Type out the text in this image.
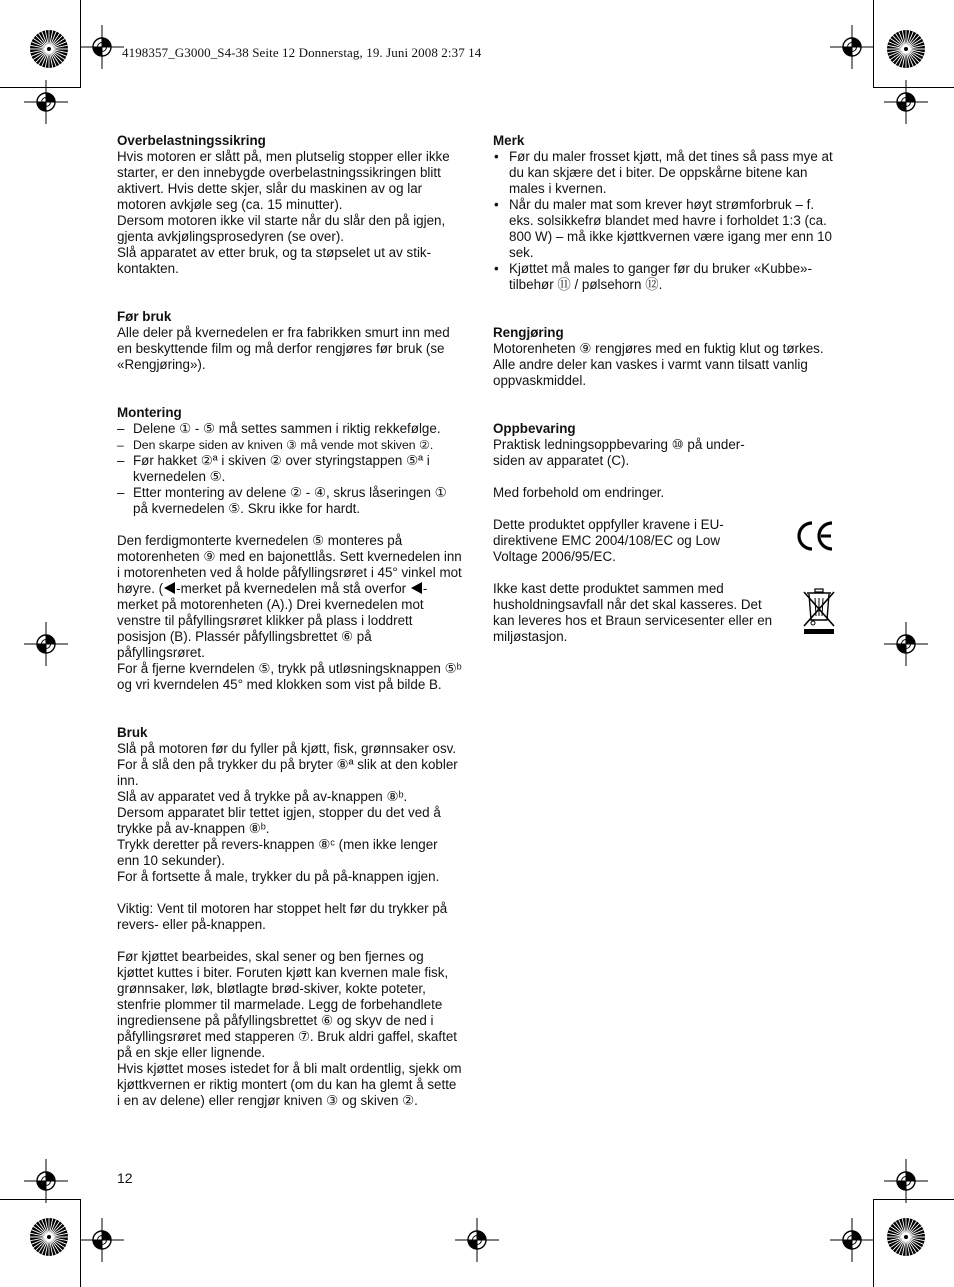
4198357_G3000_S4-38 Seite 12 Donnerstag, 19. Juni 2008 2:37 14
Overbelastningssikring
Hvis motoren er slått på, men plutselig stopper eller ikke starter, er den innebygde overbelastningssikringen blitt aktivert. Hvis dette skjer, slår du maskinen av og lar motoren avkjøle seg (ca. 15 minutter).
Dersom motoren ikke vil starte når du slår den på igjen, gjenta avkjølingsprosedyren (se over).
Slå apparatet av etter bruk, og ta støpselet ut av stik-kontakten.
Før bruk
Alle deler på kvernedelen er fra fabrikken smurt inn med en beskyttende film og må derfor rengjøres før bruk (se «Rengjøring»).
Montering
– Delene ① - ⑤ må settes sammen i riktig rekkefølge.
– Den skarpe siden av kniven ③ må vende mot skiven ②.
– Før hakket ②ª i skiven ② over styringstappen ⑤ª i kvernedelen ⑤.
– Etter montering av delene ② - ④, skrus låseringen ① på kvernedelen ⑤. Skru ikke for hardt.
Den ferdigmonterte kvernedelen ⑤ monteres på motorenheten ⑨ med en bajonettlås. Sett kvernedelen inn i motorenheten ved å holde påfyllingsrøret i 45° vinkel mot høyre. ( -merket på kvernedelen må stå overfor -merket på motorenheten (A).) Drei kvernedelen mot venstre til påfyllingsrøret klikker på plass i loddrett posisjon (B). Plassér påfyllingsbrettet ⑥ på påfyllingsrøret.
For å fjerne kverndelen ⑤, trykk på utløsningsknappen ⑤ᵇ og vri kverndelen 45° med klokken som vist på bilde B.
Bruk
Slå på motoren før du fyller på kjøtt, fisk, grønnsaker osv. For å slå den på trykker du på bryter ⑧ª slik at den kobler inn.
Slå av apparatet ved å trykke på av-knappen ⑧ᵇ.
Dersom apparatet blir tettet igjen, stopper du det ved å trykke på av-knappen ⑧ᵇ.
Trykk deretter på revers-knappen ⑧ᶜ (men ikke lenger enn 10 sekunder).
For å fortsette å male, trykker du på på-knappen igjen.
Viktig: Vent til motoren har stoppet helt før du trykker på revers- eller på-knappen.
Før kjøttet bearbeides, skal sener og ben fjernes og kjøttet kuttes i biter. Foruten kjøtt kan kvernen male fisk, grønnsaker, løk, bløtlagte brød-skiver, kokte poteter, stenfrie plommer til marmelade. Legg de forbehandlete ingrediensene på påfyllingsbrettet ⑥ og skyv de ned i påfyllingsrøret med stapperen ⑦. Bruk aldri gaffel, skaftet på en skje eller lignende.
Hvis kjøttet moses istedet for å bli malt ordentlig, sjekk om kjøttkvernen er riktig montert (om du kan ha glemt å sette i en av delene) eller rengjør kniven ③ og skiven ②.
Merk
• Før du maler frosset kjøtt, må det tines så pass mye at du kan skjære det i biter. De oppskårne bitene kan males i kvernen.
• Når du maler mat som krever høyt strømforbruk – f. eks. solsikkefrø blandet med havre i forholdet 1:3 (ca. 800 W) – må ikke kjøttkvernen være igang mer enn 10 sek.
• Kjøttet må males to ganger før du bruker «Kubbe»-tilbehør ⑪ / pølsehorn ⑫.
Rengjøring
Motorenheten ⑨ rengjøres med en fuktig klut og tørkes. Alle andre deler kan vaskes i varmt vann tilsatt vanlig oppvaskmiddel.
Oppbevaring
Praktisk ledningsoppbevaring ⑩ på under-siden av apparatet (C).
Med forbehold om endringer.
Dette produktet oppfyller kravene i EU-direktivene EMC 2004/108/EC og Low Voltage 2006/95/EC.
Ikke kast dette produktet sammen med husholdningsavfall når det skal kasseres. Det kan leveres hos et Braun servicesenter eller en miljøstasjon.
12
